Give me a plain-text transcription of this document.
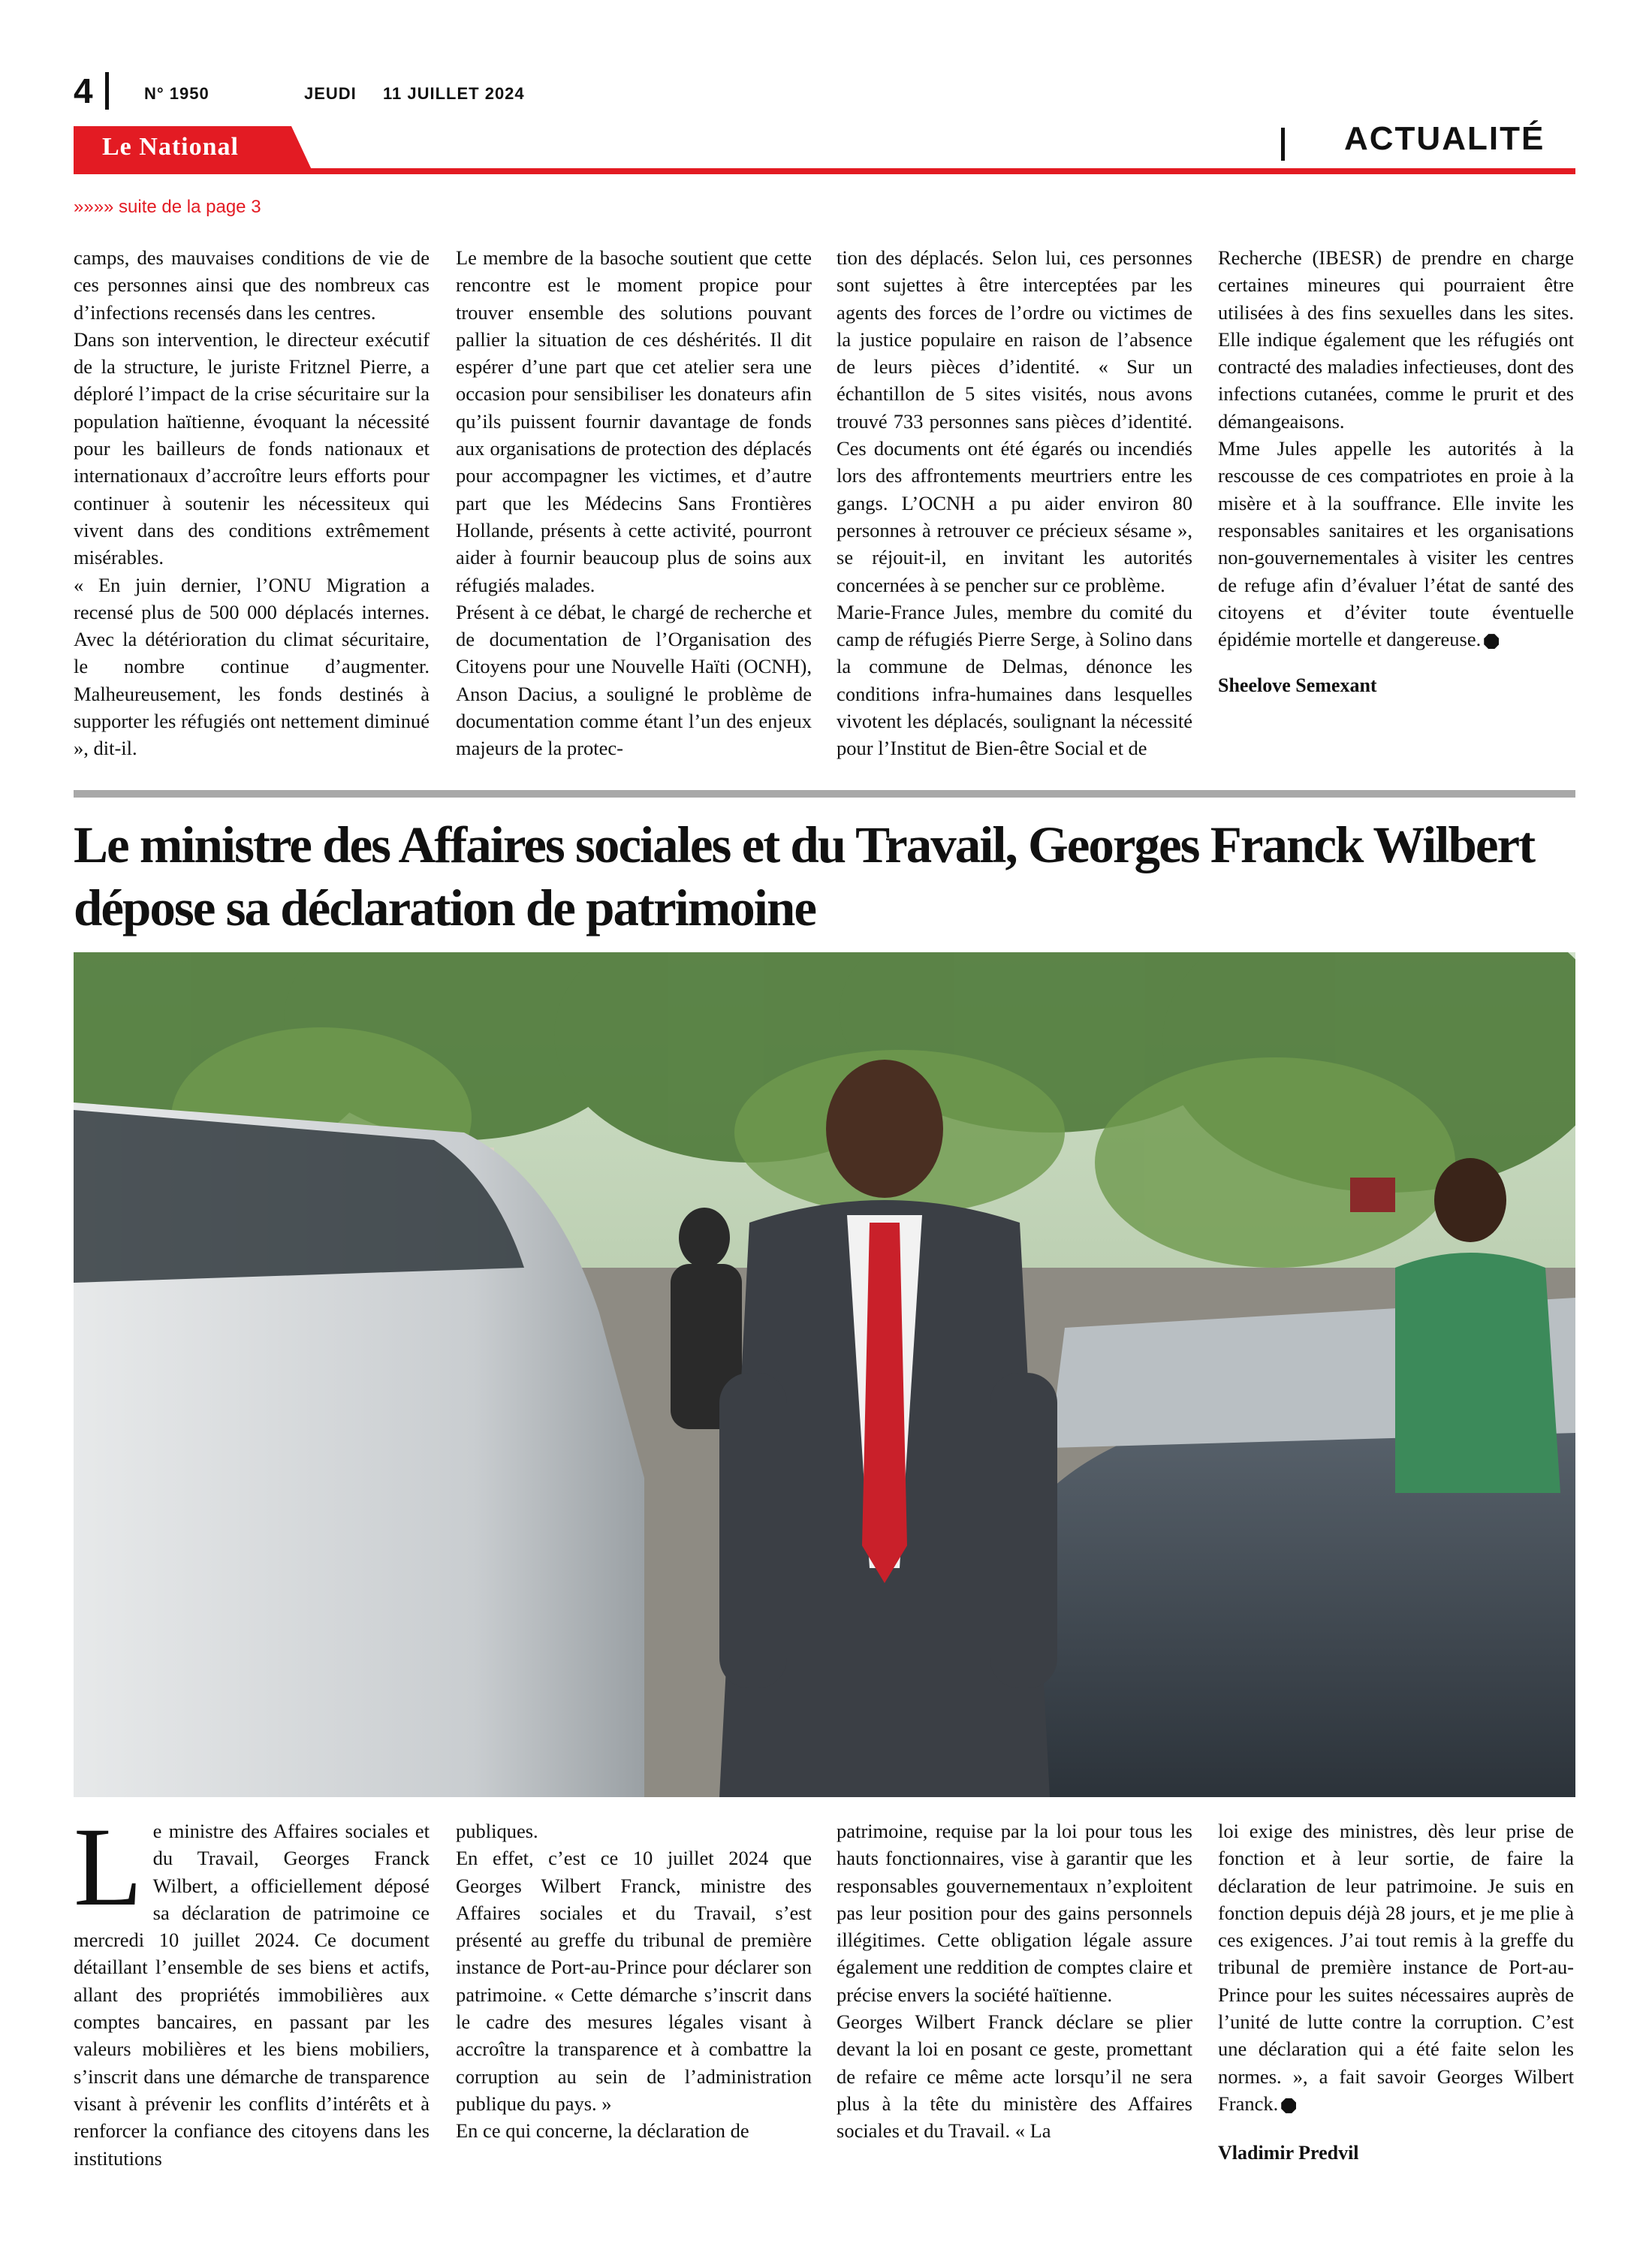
4	N° 1950	JEUDI 11 JUILLET 2024
Le National	ACTUALITÉ
»»»» suite de la page 3

camps, des mauvaises conditions de vie de ces personnes ainsi que des nombreux cas d’infections recensés dans les centres.

Dans son intervention, le directeur exécutif de la structure, le juriste Fritznel Pierre, a déploré l’impact de la crise sécuritaire sur la population haïtienne, évoquant la nécessité pour les bailleurs de fonds nationaux et internationaux d’accroître leurs efforts pour continuer à soutenir les nécessiteux qui vivent dans des conditions extrêmement misérables.

« En juin dernier, l’ONU Migration a recensé plus de 500 000 déplacés internes. Avec la détérioration du climat sécuritaire, le nombre continue d’augmenter. Malheureusement, les fonds destinés à supporter les réfugiés ont nettement diminué », dit-il.

Le membre de la basoche soutient que cette rencontre est le moment propice pour trouver ensemble des solutions pouvant pallier la situation de ces déshérités. Il dit espérer d’une part que cet atelier sera une occasion pour sensibiliser les donateurs afin qu’ils puissent fournir davantage de fonds aux organisations de protection des déplacés pour accompagner les victimes, et d’autre part que les Médecins Sans Frontières Hollande, présents à cette activité, pourront aider à fournir beaucoup plus de soins aux réfugiés malades.

Présent à ce débat, le chargé de recherche et de documentation de l’Organisation des Citoyens pour une Nouvelle Haïti (OCNH), Anson Dacius, a souligné le problème de documentation comme étant l’un des enjeux majeurs de la protec-

tion des déplacés. Selon lui, ces personnes sont sujettes à être interceptées par les agents des forces de l’ordre ou victimes de la justice populaire en raison de l’absence de leurs pièces d’identité. « Sur un échantillon de 5 sites visités, nous avons trouvé 733 personnes sans pièces d’identité. Ces documents ont été égarés ou incendiés lors des affrontements meurtriers entre les gangs. L’OCNH a pu aider environ 80 personnes à retrouver ce précieux sésame », se réjouit-il, en invitant les autorités concernées à se pencher sur ce problème.

Marie-France Jules, membre du comité du camp de réfugiés Pierre Serge, à Solino dans la commune de Delmas, dénonce les conditions infra-humaines dans lesquelles vivotent les déplacés, soulignant la nécessité pour l’Institut de Bien-être Social et de

Recherche (IBESR) de prendre en charge certaines mineures qui pourraient être utilisées à des fins sexuelles dans les sites. Elle indique également que les réfugiés ont contracté des maladies infectieuses, dont des infections cutanées, comme le prurit et des démangeaisons.

Mme Jules appelle les autorités à la rescousse de ces compatriotes en proie à la misère et à la souffrance. Elle invite les responsables sanitaires et les organisations non-gouvernementales à visiter les centres de refuge afin d’évaluer l’état de santé des citoyens et d’éviter toute éventuelle épidémie mortelle et dangereuse.

Sheelove Semexant

Le ministre des Affaires sociales et du Travail, Georges Franck Wilbert dépose sa déclaration de patrimoine

Le ministre des Affaires sociales et du Travail, Georges Franck Wilbert, a officiellement déposé sa déclaration de patrimoine ce mercredi 10 juillet 2024. Ce document détaillant l’ensemble de ses biens et actifs, allant des propriétés immobilières aux comptes bancaires, en passant par les valeurs mobilières et les biens mobiliers, s’inscrit dans une démarche de transparence visant à prévenir les conflits d’intérêts et à renforcer la confiance des citoyens dans les institutions

publiques.

En effet, c’est ce 10 juillet 2024 que Georges Wilbert Franck, ministre des Affaires sociales et du Travail, s’est présenté au greffe du tribunal de première instance de Port-au-Prince pour déclarer son patrimoine. « Cette démarche s’inscrit dans le cadre des mesures légales visant à accroître la transparence et à combattre la corruption au sein de l’administration publique du pays. »

En ce qui concerne, la déclaration de

patrimoine, requise par la loi pour tous les hauts fonctionnaires, vise à garantir que les responsables gouvernementaux n’exploitent pas leur position pour des gains personnels illégitimes. Cette obligation légale assure également une reddition de comptes claire et précise envers la société haïtienne.

Georges Wilbert Franck déclare se plier devant la loi en posant ce geste, promettant de refaire ce même acte lorsqu’il ne sera plus à la tête du ministère des Affaires sociales et du Travail. « La

loi exige des ministres, dès leur prise de fonction et à leur sortie, de faire la déclaration de leur patrimoine. Je suis en fonction depuis déjà 28 jours, et je me plie à ces exigences. J’ai tout remis à la greffe du tribunal de première instance de Port-au-Prince pour les suites nécessaires auprès de l’unité de lutte contre la corruption. C’est une déclaration qui a été faite selon les normes. », a fait savoir Georges Wilbert Franck.

Vladimir Predvil
